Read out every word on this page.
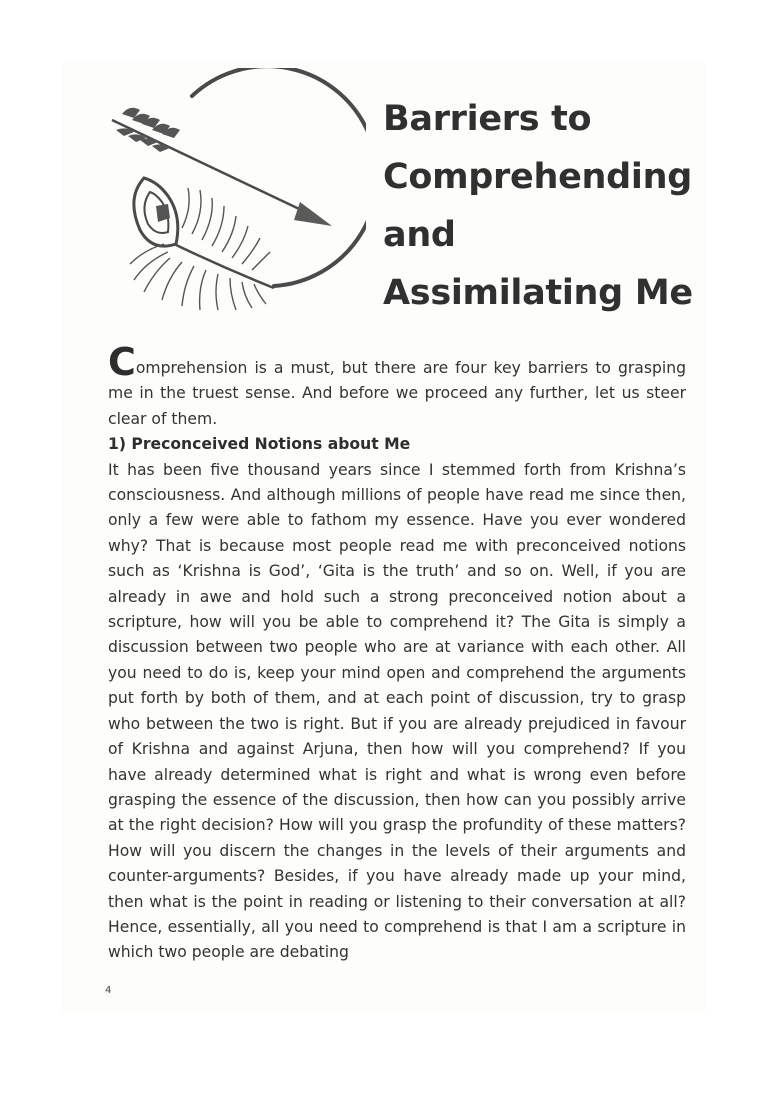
Barriers to
Comprehending
and
Assimilating Me

Comprehension is a must, but there are four key barriers to grasping me in the truest sense. And before we proceed any further, let us steer clear of them.

1) Preconceived Notions about Me

It has been five thousand years since I stemmed forth from Krishna’s consciousness. And although millions of people have read me since then, only a few were able to fathom my essence. Have you ever wondered why? That is because most people read me with preconceived notions such as ‘Krishna is God’, ‘Gita is the truth’ and so on. Well, if you are already in awe and hold such a strong preconceived notion about a scripture, how will you be able to comprehend it? The Gita is simply a discussion between two people who are at variance with each other. All you need to do is, keep your mind open and comprehend the arguments put forth by both of them, and at each point of discussion, try to grasp who between the two is right. But if you are already prejudiced in favour of Krishna and against Arjuna, then how will you comprehend? If you have already determined what is right and what is wrong even before grasping the essence of the discussion, then how can you possibly arrive at the right decision? How will you grasp the profundity of these matters? How will you discern the changes in the levels of their arguments and counter-arguments? Besides, if you have already made up your mind, then what is the point in reading or listening to their conversation at all? Hence, essentially, all you need to comprehend is that I am a scripture in which two people are debating

4
